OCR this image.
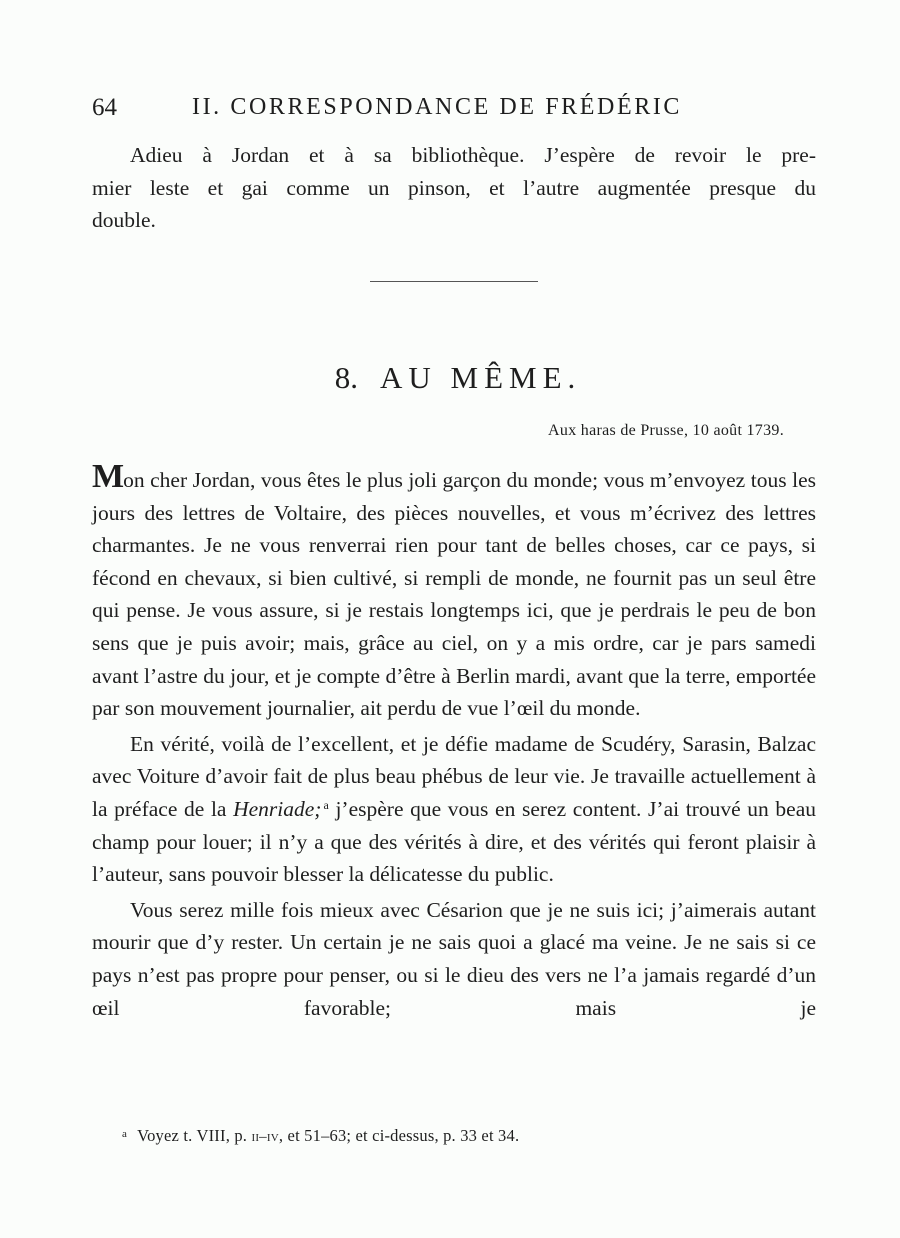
64	II. CORRESPONDANCE DE FRÉDÉRIC

Adieu à Jordan et à sa bibliothèque. J’espère de revoir le pre-

mier leste et gai comme un pinson, et l’autre augmentée presque du

double.

8. AU MÊME.
Aux haras de Prusse, 10 août 1739.

Mon cher Jordan, vous êtes le plus joli garçon du monde; vous m’envoyez tous les jours des lettres de Voltaire, des pièces nouvelles, et vous m’écrivez des lettres charmantes. Je ne vous renverrai rien pour tant de belles choses, car ce pays, si fécond en chevaux, si bien cultivé, si rempli de monde, ne fournit pas un seul être qui pense. Je vous assure, si je restais longtemps ici, que je perdrais le peu de bon sens que je puis avoir; mais, grâce au ciel, on y a mis ordre, car je pars samedi avant l’astre du jour, et je compte d’être à Berlin mardi, avant que la terre, emportée par son mouvement journalier, ait perdu de vue l’œil du monde.

En vérité, voilà de l’excellent, et je défie madame de Scudéry, Sarasin, Balzac avec Voiture d’avoir fait de plus beau phébus de leur vie. Je travaille actuellement à la préface de la Henriade; $^a$ j’espère que vous en serez content. J’ai trouvé un beau champ pour louer; il n’y a que des vérités à dire, et des vérités qui feront plaisir à l’auteur, sans pouvoir blesser la délicatesse du public.

Vous serez mille fois mieux avec Césarion que je ne suis ici; j’aimerais autant mourir que d’y rester. Un certain je ne sais quoi a glacé ma veine. Je ne sais si ce pays n’est pas propre pour penser, ou si le dieu des vers ne l’a jamais regardé d’un œil favorable; mais je

$^a$ Voyez t. VIII, p. ii–iv, et 51–63; et ci-dessus, p. 33 et 34.
